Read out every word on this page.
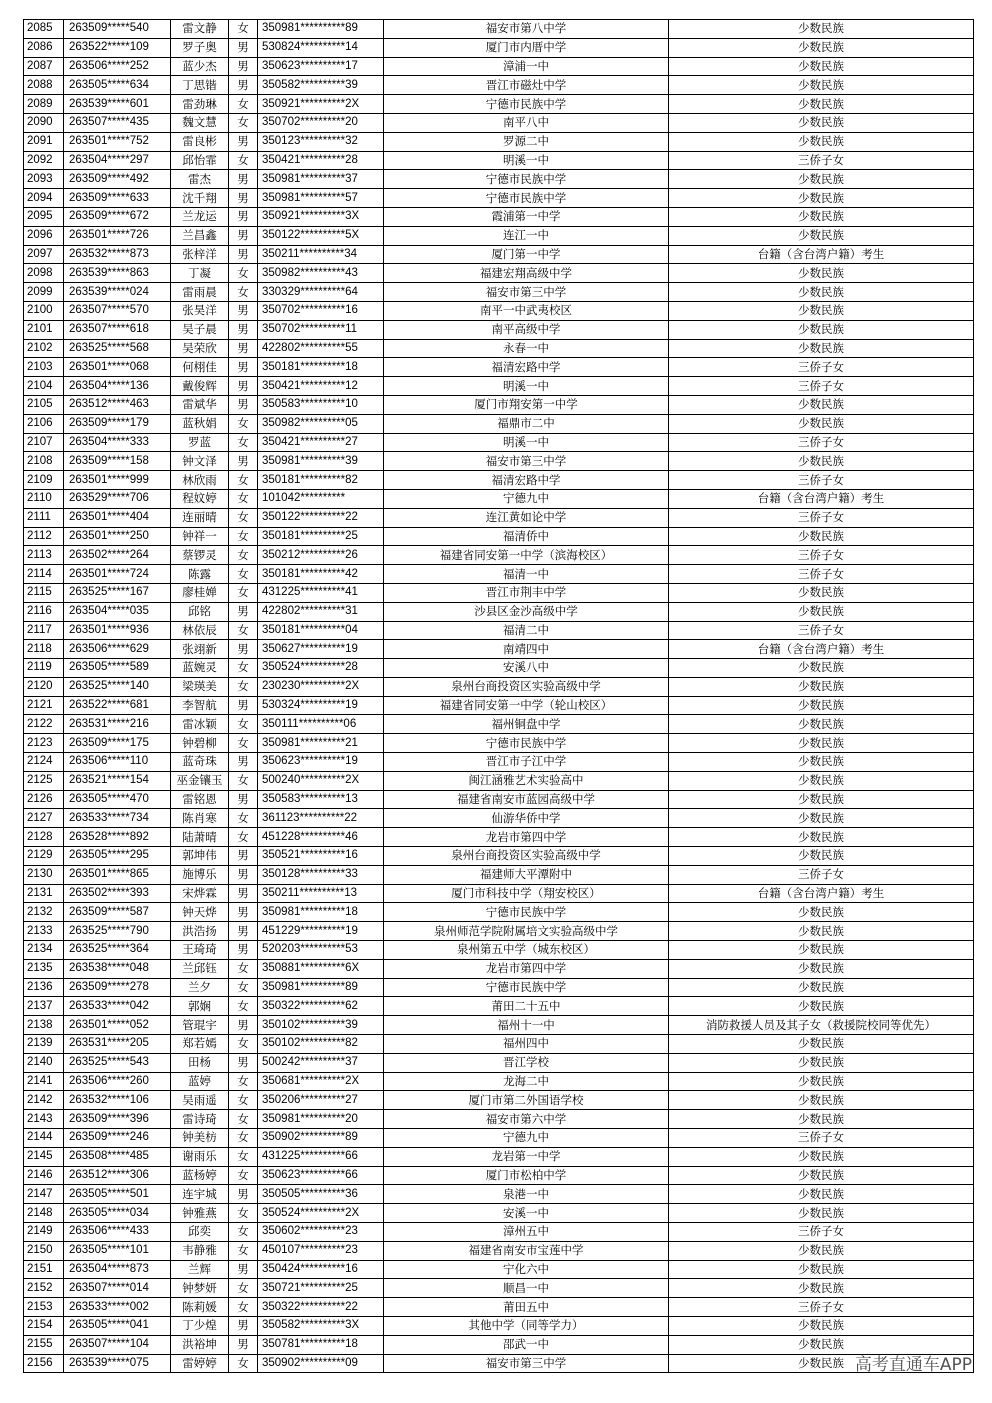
2085	263509*****540	雷文静	女	350981**********89	福安市第八中学	少数民族
2086	263522*****109	罗子奥	男	530824**********14	厦门市内厝中学	少数民族
2087	263506*****252	蓝少杰	男	350623**********17	漳浦一中	少数民族
2088	263505*****634	丁思锴	男	350582**********39	晋江市磁灶中学	少数民族
2089	263539*****601	雷劲琳	女	350921**********2X	宁德市民族中学	少数民族
2090	263507*****435	魏文慧	女	350702**********20	南平八中	少数民族
2091	263501*****752	雷良彬	男	350123**********32	罗源二中	少数民族
2092	263504*****297	邱怡霏	女	350421**********28	明溪一中	三侨子女
2093	263509*****492	雷杰	男	350981**********37	宁德市民族中学	少数民族
2094	263509*****633	沈千翔	男	350981**********57	宁德市民族中学	少数民族
2095	263509*****672	兰龙运	男	350921**********3X	霞浦第一中学	少数民族
2096	263501*****726	兰昌鑫	男	350122**********5X	连江一中	少数民族
2097	263532*****873	张梓洋	男	350211**********34	厦门第一中学	台籍（含台湾户籍）考生
2098	263539*****863	丁凝	女	350982**********43	福建宏翔高级中学	少数民族
2099	263539*****024	雷雨晨	女	330329**********64	福安市第三中学	少数民族
2100	263507*****570	张昊洋	男	350702**********16	南平一中武夷校区	少数民族
2101	263507*****618	吴子晨	男	350702**********11	南平高级中学	少数民族
2102	263525*****568	吴荣欣	男	422802**********55	永春一中	少数民族
2103	263501*****068	何栩佳	男	350181**********18	福清宏路中学	三侨子女
2104	263504*****136	戴俊辉	男	350421**********12	明溪一中	三侨子女
2105	263512*****463	雷斌华	男	350583**********10	厦门市翔安第一中学	少数民族
2106	263509*****179	蓝秋娟	女	350982**********05	福鼎市二中	少数民族
2107	263504*****333	罗蓝	女	350421**********27	明溪一中	三侨子女
2108	263509*****158	钟文泽	男	350981**********39	福安市第三中学	少数民族
2109	263501*****999	林欣雨	女	350181**********82	福清宏路中学	三侨子女
2110	263529*****706	程妏婷	女	101042**********	宁德九中	台籍（含台湾户籍）考生
2111	263501*****404	连丽晴	女	350122**********22	连江黄如论中学	三侨子女
2112	263501*****250	钟祥一	女	350181**********25	福清侨中	少数民族
2113	263502*****264	蔡锣灵	女	350212**********26	福建省同安第一中学（滨海校区）	三侨子女
2114	263501*****724	陈露	女	350181**********42	福清一中	三侨子女
2115	263525*****167	廖桂婵	女	431225**********41	晋江市荆丰中学	少数民族
2116	263504*****035	邱铭	男	422802**********31	沙县区金沙高级中学	少数民族
2117	263501*****936	林依辰	女	350181**********04	福清二中	三侨子女
2118	263506*****629	张翊新	男	350627**********19	南靖四中	台籍（含台湾户籍）考生
2119	263505*****589	蓝婉灵	女	350524**********28	安溪八中	少数民族
2120	263525*****140	梁瑛美	女	230230**********2X	泉州台商投资区实验高级中学	少数民族
2121	263522*****681	李智航	男	530324**********19	福建省同安第一中学（轮山校区）	少数民族
2122	263531*****216	雷冰颖	女	350111**********06	福州铜盘中学	少数民族
2123	263509*****175	钟碧柳	女	350981**********21	宁德市民族中学	少数民族
2124	263506*****110	蓝奇珠	男	350623**********19	晋江市子江中学	少数民族
2125	263521*****154	巫金镶玉	女	500240**********2X	闽江涵雅艺术实验高中	少数民族
2126	263505*****470	雷铭恩	男	350583**********13	福建省南安市蓝园高级中学	少数民族
2127	263533*****734	陈肖寒	女	361123**********22	仙游华侨中学	少数民族
2128	263528*****892	陆萧晴	女	451228**********46	龙岩市第四中学	少数民族
2129	263505*****295	郭坤伟	男	350521**********16	泉州台商投资区实验高级中学	少数民族
2130	263501*****865	施博乐	男	350128**********33	福建师大平潭附中	三侨子女
2131	263502*****393	宋烨霖	男	350211**********13	厦门市科技中学（翔安校区）	台籍（含台湾户籍）考生
2132	263509*****587	钟天烨	男	350981**********18	宁德市民族中学	少数民族
2133	263525*****790	洪浩扬	男	451229**********19	泉州师范学院附属培文实验高级中学	少数民族
2134	263525*****364	王琦琦	男	520203**********53	泉州第五中学（城东校区）	少数民族
2135	263538*****048	兰邱钰	女	350881**********6X	龙岩市第四中学	少数民族
2136	263509*****278	兰夕	女	350981**********89	宁德市民族中学	少数民族
2137	263533*****042	郭娴	女	350322**********62	莆田二十五中	少数民族
2138	263501*****052	管琨宇	男	350102**********39	福州十一中	消防救援人员及其子女（救援院校同等优先）
2139	263531*****205	郑若嫣	女	350102**********82	福州四中	少数民族
2140	263525*****543	田杨	男	500242**********37	晋江学校	少数民族
2141	263506*****260	蓝婷	女	350681**********2X	龙海二中	少数民族
2142	263532*****106	吴雨遥	女	350206**********27	厦门市第二外国语学校	少数民族
2143	263509*****396	雷诗琦	女	350981**********20	福安市第六中学	少数民族
2144	263509*****246	钟美枋	女	350902**********89	宁德九中	三侨子女
2145	263508*****485	谢雨乐	女	431225**********66	龙岩第一中学	少数民族
2146	263512*****306	蓝杨婷	女	350623**********66	厦门市松柏中学	少数民族
2147	263505*****501	连宇城	男	350505**********36	泉港一中	少数民族
2148	263505*****034	钟雅燕	女	350524**********2X	安溪一中	少数民族
2149	263506*****433	邱奕	女	350602**********23	漳州五中	三侨子女
2150	263505*****101	韦静雅	女	450107**********23	福建省南安市宝莲中学	少数民族
2151	263504*****873	兰辉	男	350424**********16	宁化六中	少数民族
2152	263507*****014	钟梦妍	女	350721**********25	顺昌一中	少数民族
2153	263533*****002	陈莉媛	女	350322**********22	莆田五中	三侨子女
2154	263505*****041	丁少煌	男	350582**********3X	其他中学（同等学力）	少数民族
2155	263507*****104	洪裕坤	男	350781**********18	邵武一中	少数民族
2156	263539*****075	雷婷婷	女	350902**********09	福安市第三中学	少数民族 高考直通车APP
